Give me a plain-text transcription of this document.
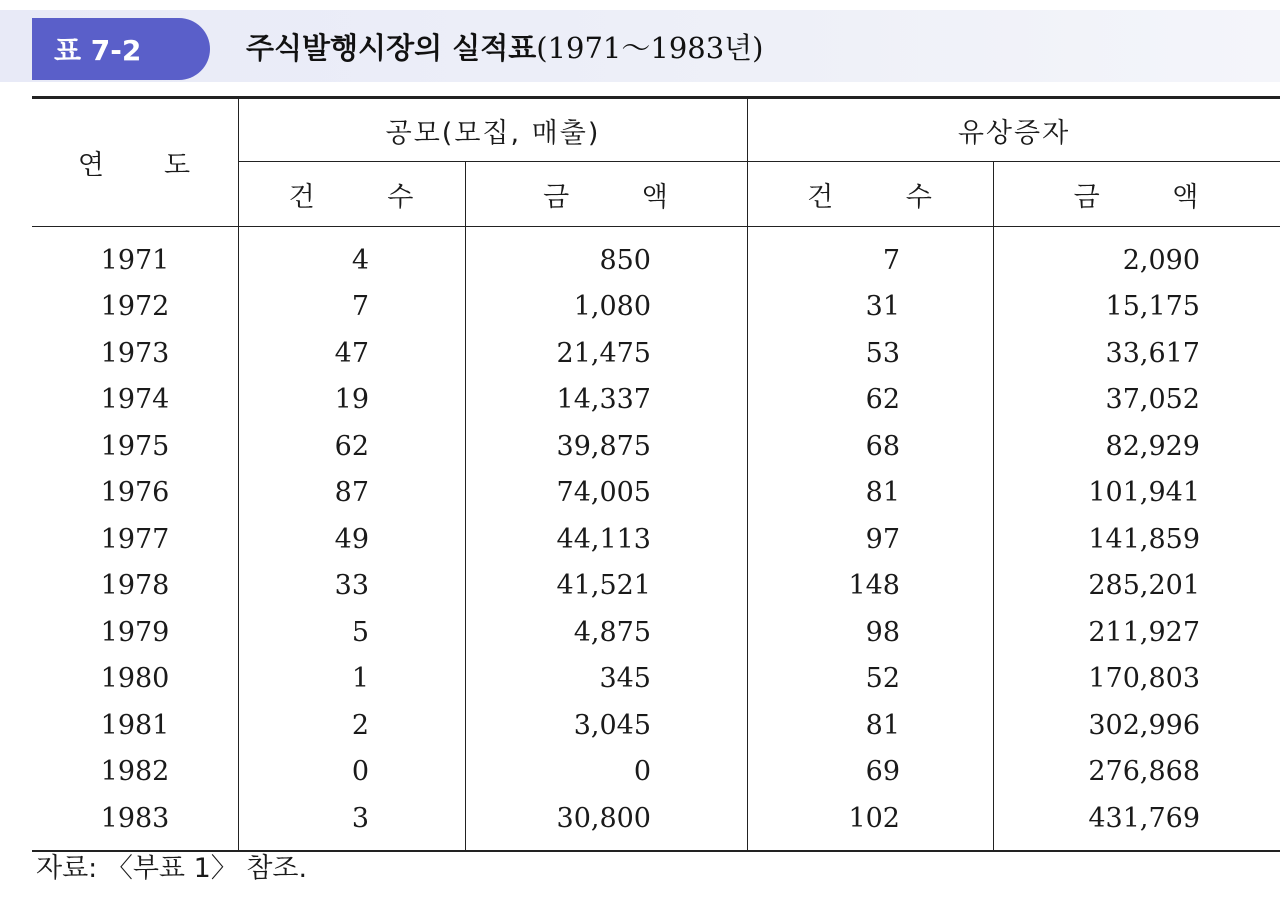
표 7-2	주식발행시장의 실적표(1971～1983년)
연　　도	공모(모집, 매출)		유상증자	
	건 수	금 액	건 수	금 액
1971	4	850	7	2,090
1972	7	1,080	31	15,175
1973	47	21,475	53	33,617
1974	19	14,337	62	37,052
1975	62	39,875	68	82,929
1976	87	74,005	81	101,941
1977	49	44,113	97	141,859
1978	33	41,521	148	285,201
1979	5	4,875	98	211,927
1980	1	345	52	170,803
1981	2	3,045	81	302,996
1982	0	0	69	276,868
1983	3	30,800	102	431,769
자료: 〈부표 1〉 참조.
